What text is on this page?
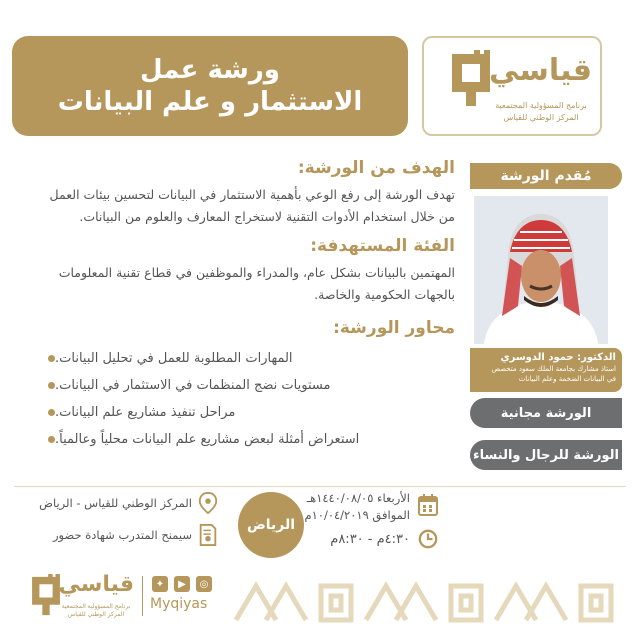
ورشة عمل
الاستثمار و علم البيانات
قياسي
برنامج المسؤولية المجتمعية
المركز الوطني للقياس
مُقدم الورشة
الدكتور: حمود الدوسري
استاذ مشارك بجامعة الملك سعود متخصص
في البيانات الضخمة وعلم البيانات
الورشة مجانية
الورشة للرجال والنساء
الهدف من الورشة:
تهدف الورشة إلى رفع الوعي بأهمية الاستثمار في البيانات لتحسين بيئات العمل
من خلال استخدام الأدوات التقنية لاستخراج المعارف والعلوم من البيانات.
الفئة المستهدفة:
المهتمين بالبيانات بشكل عام، والمدراء والموظفين في قطاع تقنية المعلومات
بالجهات الحكومية والخاصة.
محاور الورشة:
المهارات المطلوبة للعمل في تحليل البيانات.
مستويات نضج المنظمات في الاستثمار في البيانات.
مراحل تنفيذ مشاريع علم البيانات.
استعراض أمثلة لبعض مشاريع علم البيانات محلياً وعالمياً.
الأربعاء ١٤٤٠/٠٨/٠٥هـ
الموافق ١٠/٠٤/٢٠١٩م
٤:٣٠م - ٨:٣٠م
الرياض
المركز الوطني للقياس - الرياض
سيمنح المتدرب شهادة حضور
قياسي
برنامج المسؤولية المجتمعية
المركز الوطني للقياس
✦	▶	◎
Myqiyas
